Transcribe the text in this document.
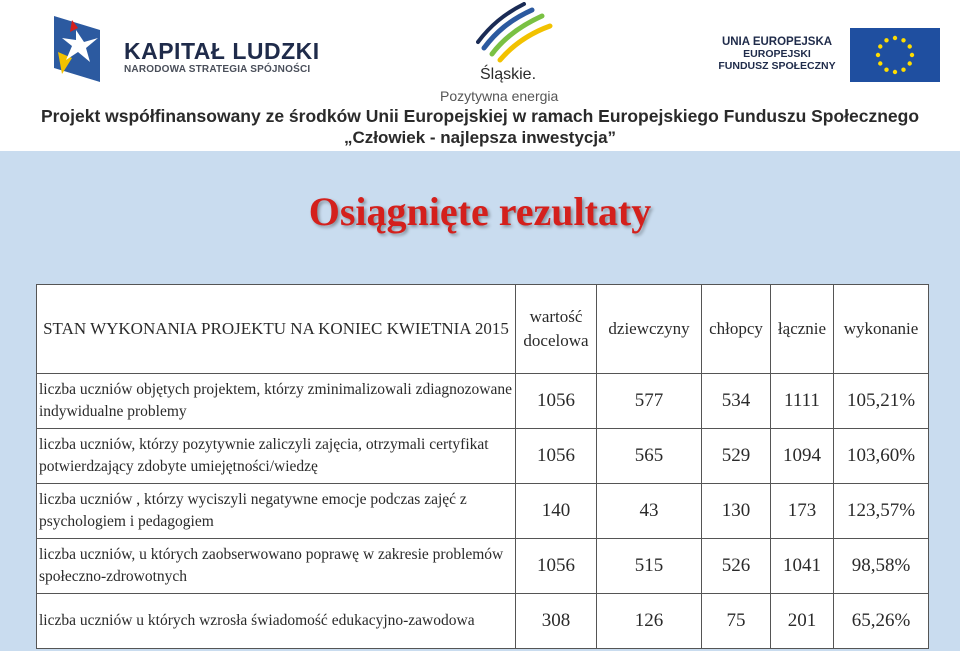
KAPITAŁ LUDZKI
NARODOWA STRATEGIA SPÓJNOŚCI	Śląskie.
Pozytywna energia
UNIA EUROPEJSKA
EUROPEJSKI
FUNDUSZ SPOŁECZNY
Projekt współfinansowany ze środków Unii Europejskiej w ramach Europejskiego Funduszu Społecznego
„Człowiek - najlepsza inwestycja”
Osiągnięte rezultaty
STAN WYKONANIA PROJEKTU NA KONIEC KWIETNIA 2015	wartość docelowa	dziewczyny	chłopcy	łącznie	wykonanie
liczba uczniów objętych projektem, którzy zminimalizowali zdiagnozowane indywidualne problemy	1056	577	534	1111	105,21%
liczba uczniów, którzy pozytywnie zaliczyli zajęcia, otrzymali certyfikat potwierdzający zdobyte umiejętności/wiedzę	1056	565	529	1094	103,60%
liczba uczniów , którzy wyciszyli negatywne emocje podczas zajęć z psychologiem i pedagogiem	140	43	130	173	123,57%
liczba uczniów, u których zaobserwowano poprawę w zakresie problemów społeczno-zdrowotnych	1056	515	526	1041	98,58%
liczba uczniów u których wzrosła świadomość edukacyjno-zawodowa	308	126	75	201	65,26%
